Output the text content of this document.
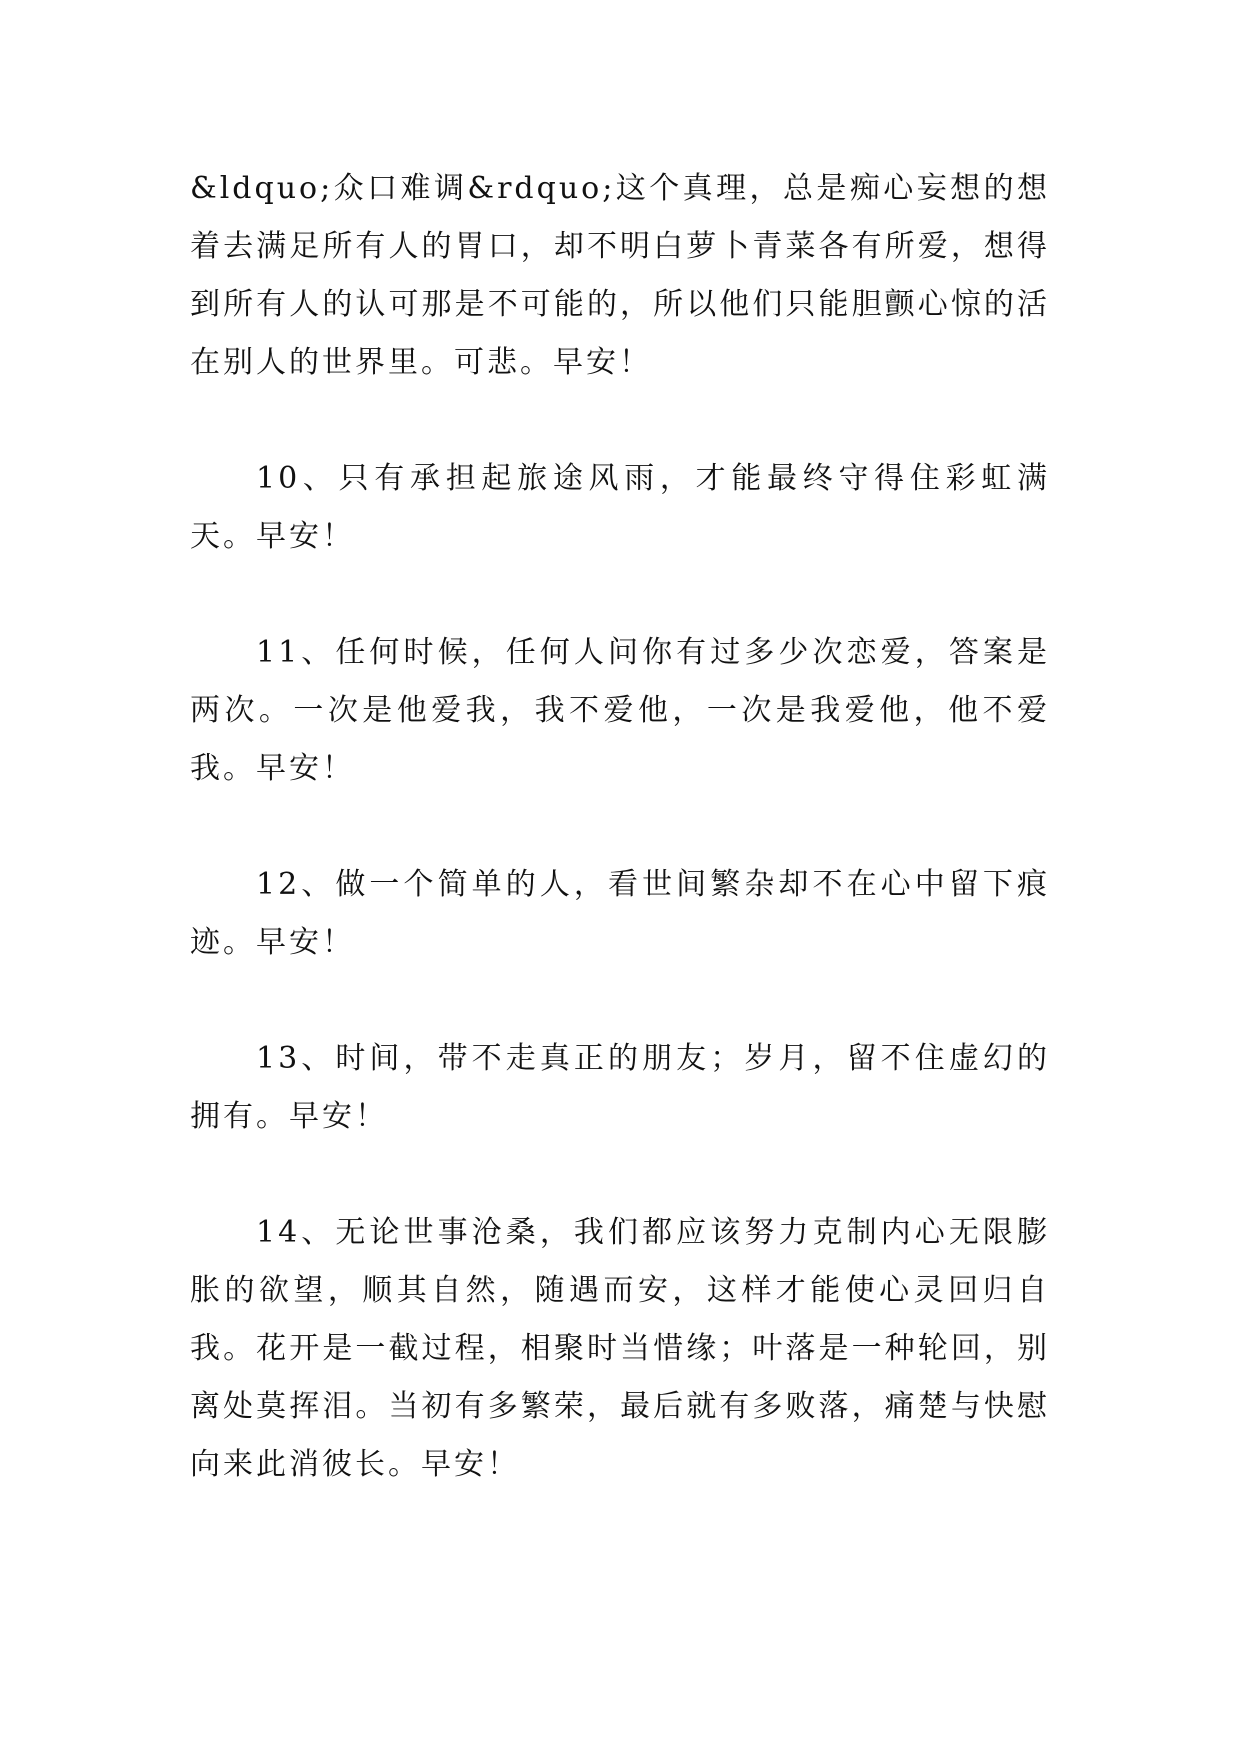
&ldquo;众口难调&rdquo;这个真理，总是痴心妄想的想着去满足所有人的胃口，却不明白萝卜青菜各有所爱，想得到所有人的认可那是不可能的，所以他们只能胆颤心惊的活在别人的世界里。可悲。早安！

10、只有承担起旅途风雨，才能最终守得住彩虹满天。早安！

11、任何时候，任何人问你有过多少次恋爱，答案是两次。一次是他爱我，我不爱他，一次是我爱他，他不爱我。早安！

12、做一个简单的人，看世间繁杂却不在心中留下痕迹。早安！

13、时间，带不走真正的朋友；岁月，留不住虚幻的拥有。早安！

14、无论世事沧桑，我们都应该努力克制内心无限膨胀的欲望，顺其自然，随遇而安，这样才能使心灵回归自我。花开是一截过程，相聚时当惜缘；叶落是一种轮回，别离处莫挥泪。当初有多繁荣，最后就有多败落，痛楚与快慰向来此消彼长。早安！
